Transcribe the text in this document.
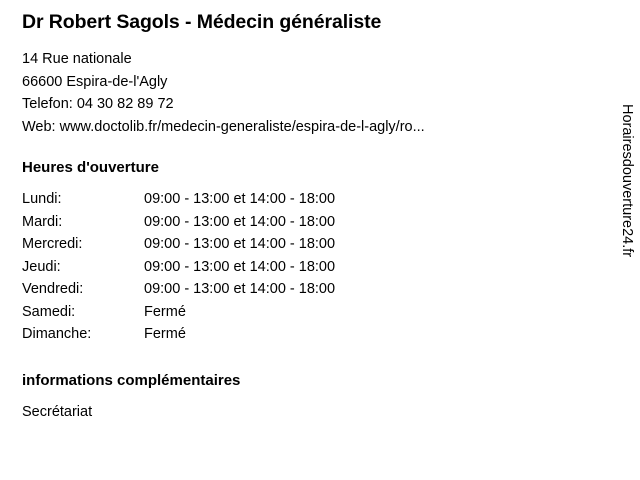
Dr Robert Sagols - Médecin généraliste
14 Rue nationale
66600 Espira-de-l'Agly
Telefon: 04 30 82 89 72
Web: www.doctolib.fr/medecin-generaliste/espira-de-l-agly/ro...
Heures d'ouverture
Lundi:	09:00 - 13:00 et 14:00 - 18:00
Mardi:	09:00 - 13:00 et 14:00 - 18:00
Mercredi:	09:00 - 13:00 et 14:00 - 18:00
Jeudi:	09:00 - 13:00 et 14:00 - 18:00
Vendredi:	09:00 - 13:00 et 14:00 - 18:00
Samedi:	Fermé
Dimanche:	Fermé
informations complémentaires
Secrétariat
Horairesdouverture24.fr
